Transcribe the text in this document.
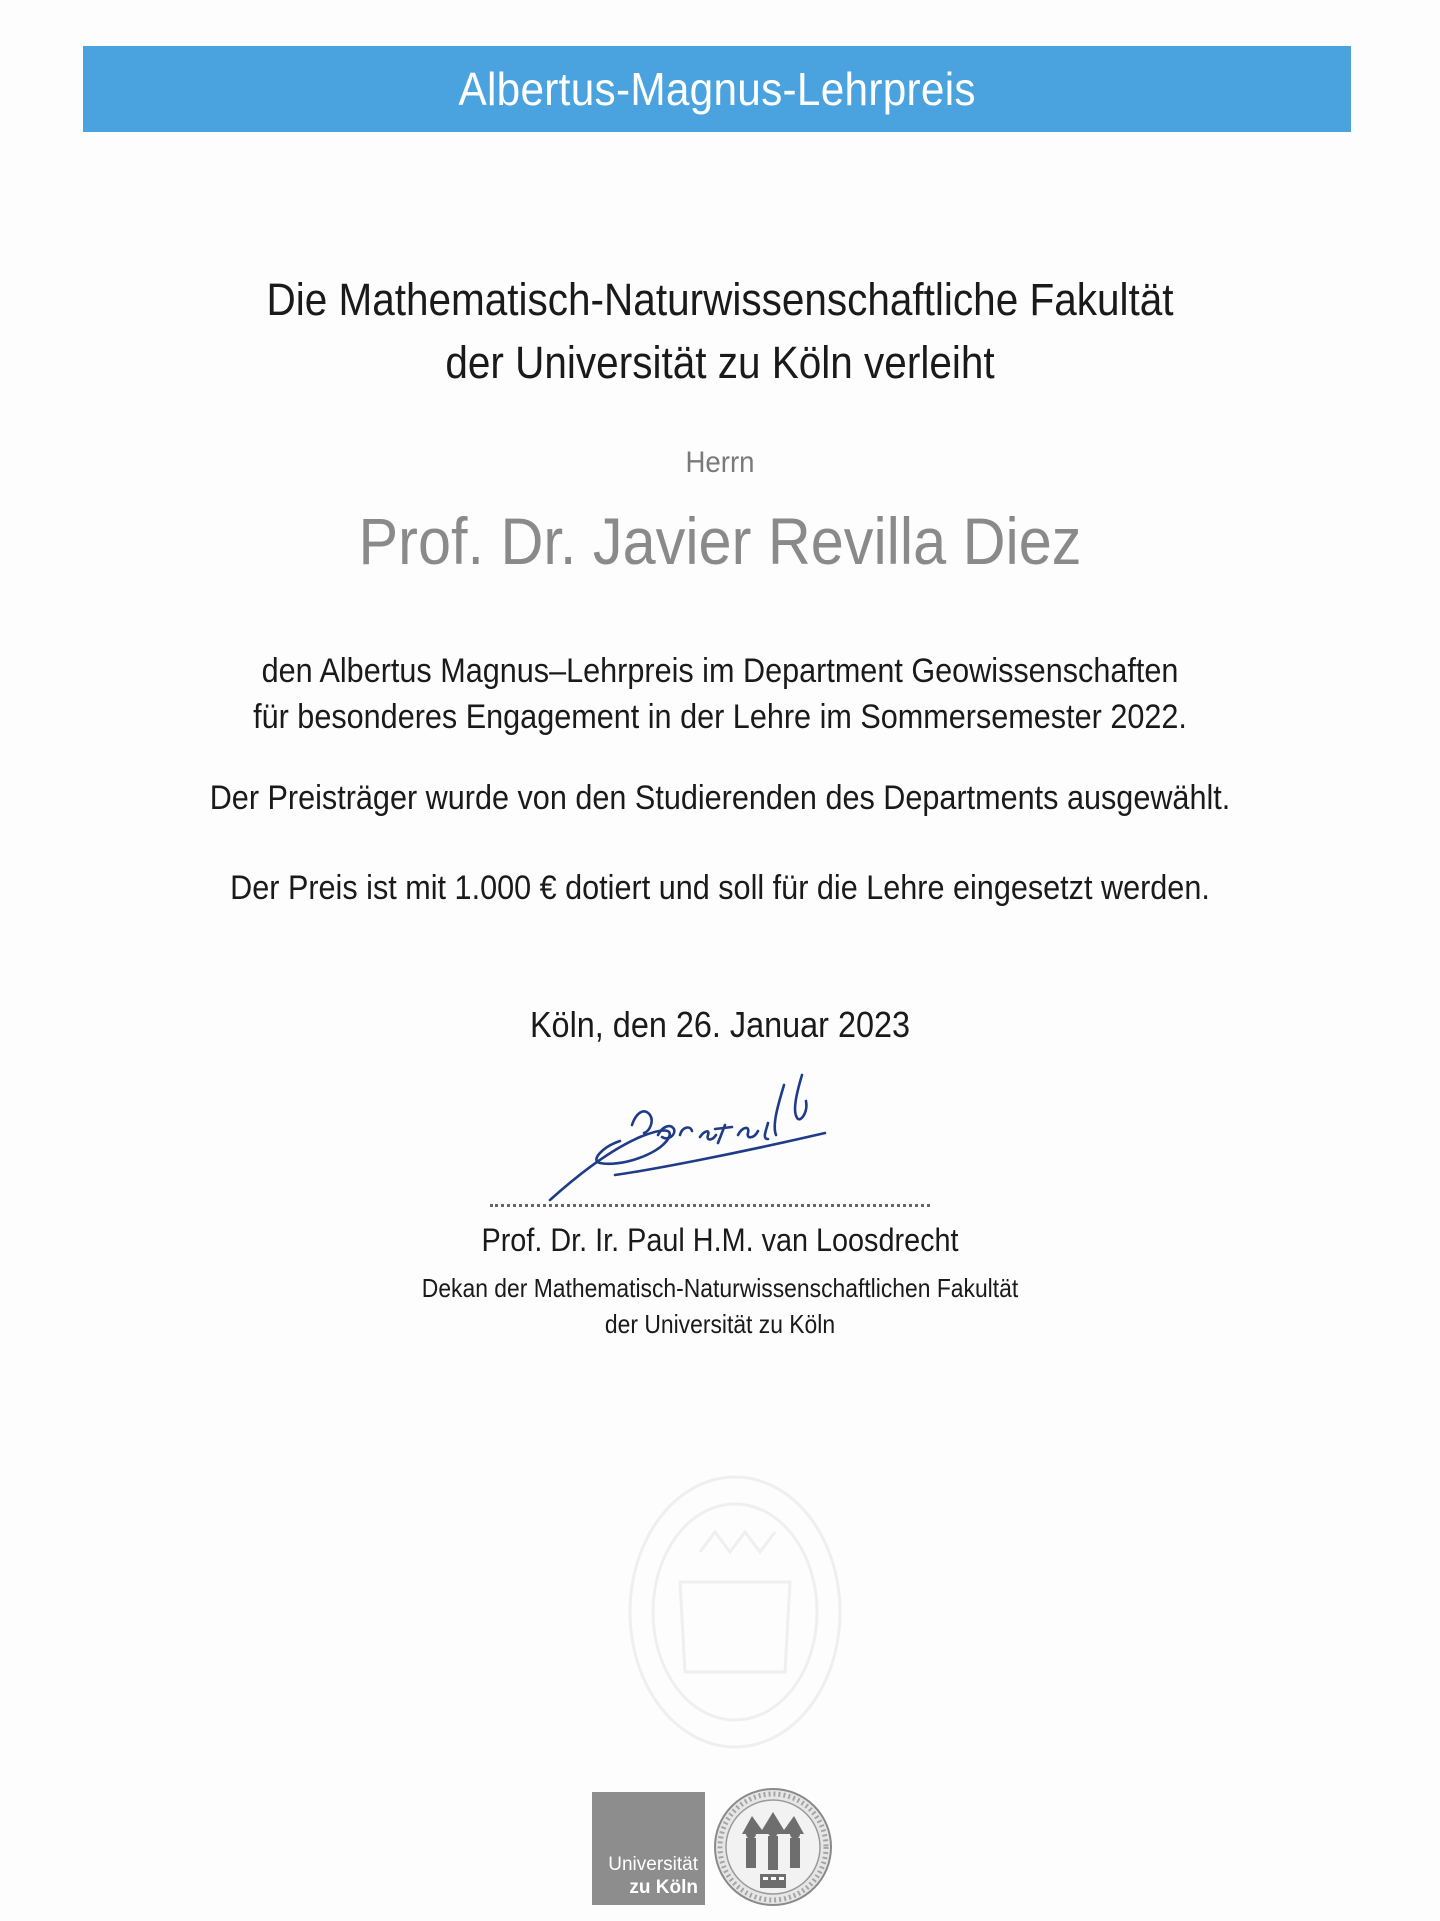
Albertus-Magnus-Lehrpreis
Die Mathematisch-Naturwissenschaftliche Fakultät
der Universität zu Köln verleiht
Herrn
Prof. Dr. Javier Revilla Diez
den Albertus Magnus–Lehrpreis im Department Geowissenschaften
für besonderes Engagement in der Lehre im Sommersemester 2022.
Der Preisträger wurde von den Studierenden des Departments ausgewählt.
Der Preis ist mit 1.000 € dotiert und soll für die Lehre eingesetzt werden.
Köln, den 26. Januar 2023
Prof. Dr. Ir. Paul H.M. van Loosdrecht
Dekan der Mathematisch-Naturwissenschaftlichen Fakultät
der Universität zu Köln
Universität
zu Köln
